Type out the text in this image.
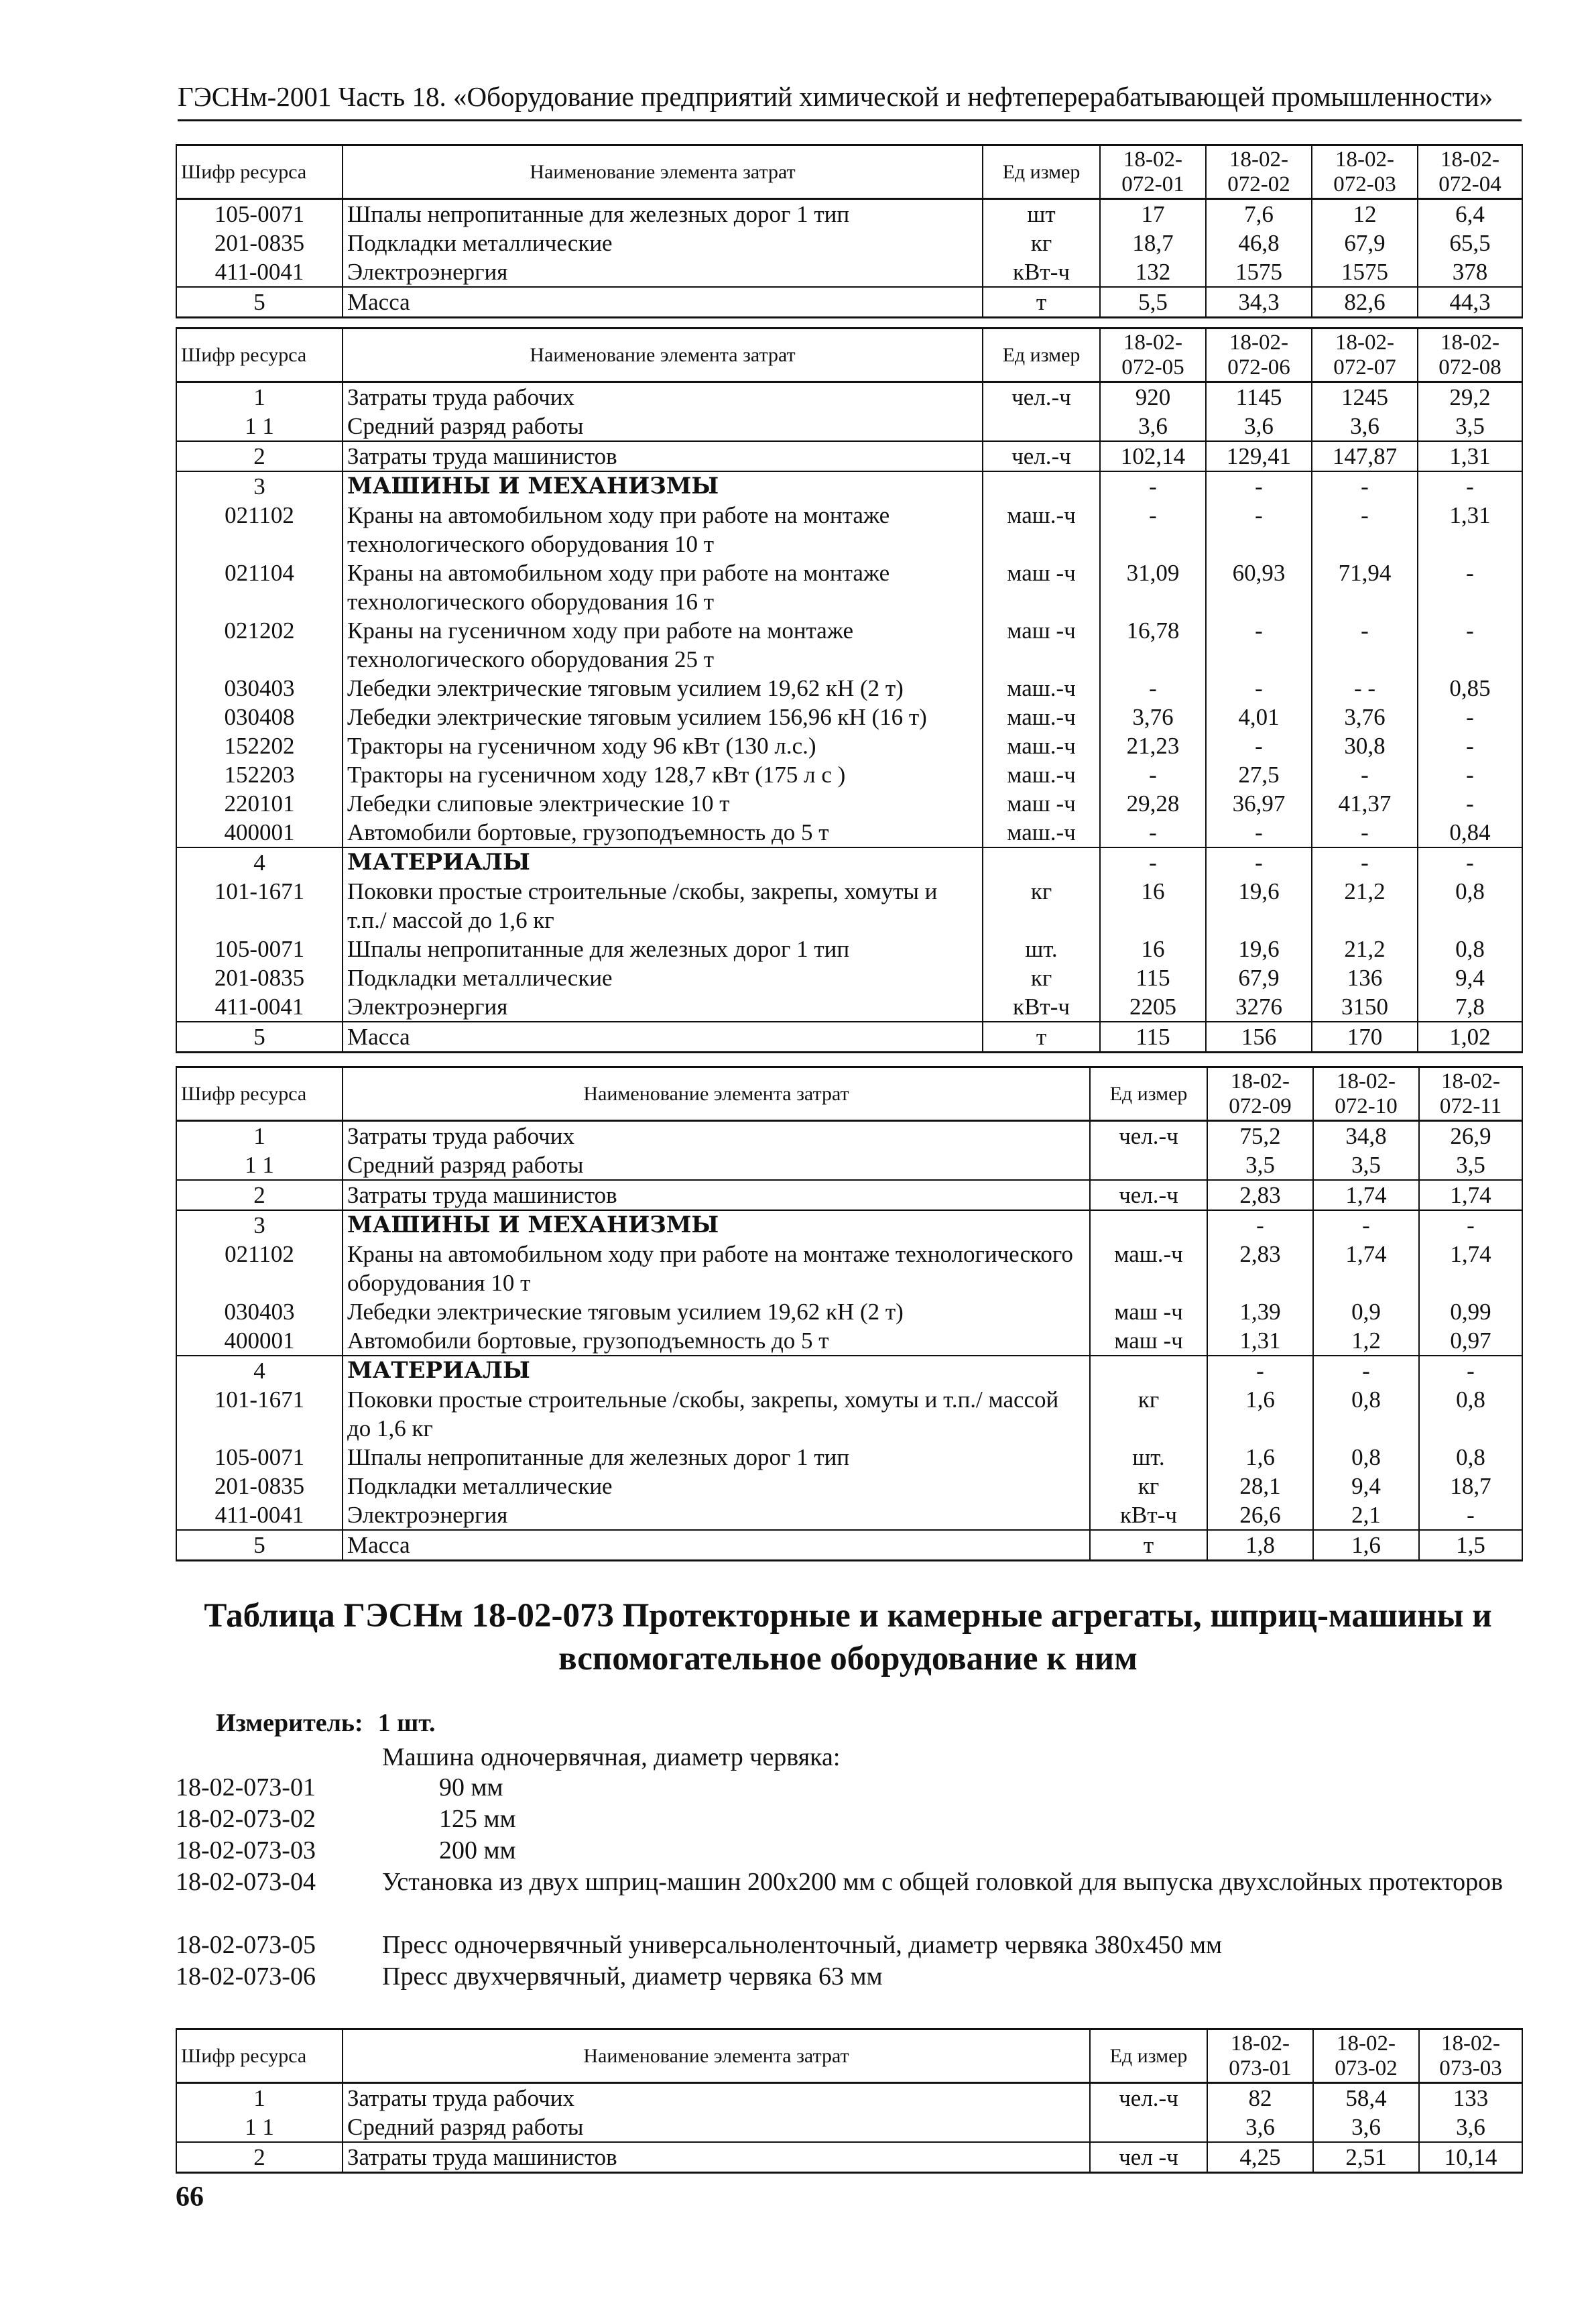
ГЭСНм-2001 Часть 18. «Оборудование предприятий химической и нефтеперерабатывающей промышленности»
Шифр ресурса	Наименование элемента затрат	Ед измер	18-02-072-01	18-02-072-02	18-02-072-03	18-02-072-04
105-0071	Шпалы непропитанные для железных дорог 1 тип	шт	17	7,6	12	6,4
201-0835	Подкладки металлические	кг	18,7	46,8	67,9	65,5
411-0041	Электроэнергия	кВт-ч	132	1575	1575	378
5	Масса	т	5,5	34,3	82,6	44,3
Шифр ресурса	Наименование элемента затрат	Ед измер	18-02-072-05	18-02-072-06	18-02-072-07	18-02-072-08
1	Затраты труда рабочих	чел.-ч	920	1145	1245	29,2
1 1	Средний разряд работы		3,6	3,6	3,6	3,5
2	Затраты труда машинистов	чел.-ч	102,14	129,41	147,87	1,31
3	МАШИНЫ И МЕХАНИЗМЫ		-	-	-	-
021102	Краны на автомобильном ходу при работе на монтаже технологического оборудования 10 т	маш.-ч	-	-	-	1,31
021104	Краны на автомобильном ходу при работе на монтаже технологического оборудования 16 т	маш -ч	31,09	60,93	71,94	-
021202	Краны на гусеничном ходу при работе на монтаже технологического оборудования 25 т	маш -ч	16,78	-	-	-
030403	Лебедки электрические тяговым усилием 19,62 кН (2 т)	маш.-ч	-	-	- -	0,85
030408	Лебедки электрические тяговым усилием 156,96 кН (16 т)	маш.-ч	3,76	4,01	3,76	-
152202	Тракторы на гусеничном ходу 96 кВт (130 л.с.)	маш.-ч	21,23	-	30,8	-
152203	Тракторы на гусеничном ходу 128,7 кВт (175 л с )	маш.-ч	-	27,5	-	-
220101	Лебедки слиповые электрические 10 т	маш -ч	29,28	36,97	41,37	-
400001	Автомобили бортовые, грузоподъемность до 5 т	маш.-ч	-	-	-	0,84
4	МАТЕРИАЛЫ		-	-	-	-
101-1671	Поковки простые строительные /скобы, закрепы, хомуты и т.п./ массой до 1,6 кг	кг	16	19,6	21,2	0,8
105-0071	Шпалы непропитанные для железных дорог 1 тип	шт.	16	19,6	21,2	0,8
201-0835	Подкладки металлические	кг	115	67,9	136	9,4
411-0041	Электроэнергия	кВт-ч	2205	3276	3150	7,8
5	Масса	т	115	156	170	1,02
Шифр ресурса	Наименование элемента затрат	Ед измер	18-02-072-09	18-02-072-10	18-02-072-11
1	Затраты труда рабочих	чел.-ч	75,2	34,8	26,9
1 1	Средний разряд работы		3,5	3,5	3,5
2	Затраты труда машинистов	чел.-ч	2,83	1,74	1,74
3	МАШИНЫ И МЕХАНИЗМЫ		-	-	-
021102	Краны на автомобильном ходу при работе на монтаже технологического оборудования 10 т	маш.-ч	2,83	1,74	1,74
030403	Лебедки электрические тяговым усилием 19,62 кН (2 т)	маш -ч	1,39	0,9	0,99
400001	Автомобили бортовые, грузоподъемность до 5 т	маш -ч	1,31	1,2	0,97
4	МАТЕРИАЛЫ		-	-	-
101-1671	Поковки простые строительные /скобы, закрепы, хомуты и т.п./ массой до 1,6 кг	кг	1,6	0,8	0,8
105-0071	Шпалы непропитанные для железных дорог 1 тип	шт.	1,6	0,8	0,8
201-0835	Подкладки металлические	кг	28,1	9,4	18,7
411-0041	Электроэнергия	кВт-ч	26,6	2,1	-
5	Масса	т	1,8	1,6	1,5
Таблица ГЭСНм 18-02-073 Протекторные и камерные агрегаты, шприц-машины и
вспомогательное оборудование к ним
Измеритель: 1 шт.
Машина одночервячная, диаметр червяка:
18-02-073-01	90 мм
18-02-073-02	125 мм
18-02-073-03	200 мм
18-02-073-04	Установка из двух шприц-машин 200х200 мм с общей головкой для выпуска двухслойных протекторов
18-02-073-05	Пресс одночервячный универсальноленточный, диаметр червяка 380х450 мм
18-02-073-06	Пресс двухчервячный, диаметр червяка 63 мм
Шифр ресурса	Наименование элемента затрат	Ед измер	18-02-073-01	18-02-073-02	18-02-073-03
1	Затраты труда рабочих	чел.-ч	82	58,4	133
1 1	Средний разряд работы		3,6	3,6	3,6
2	Затраты труда машинистов	чел -ч	4,25	2,51	10,14
66
